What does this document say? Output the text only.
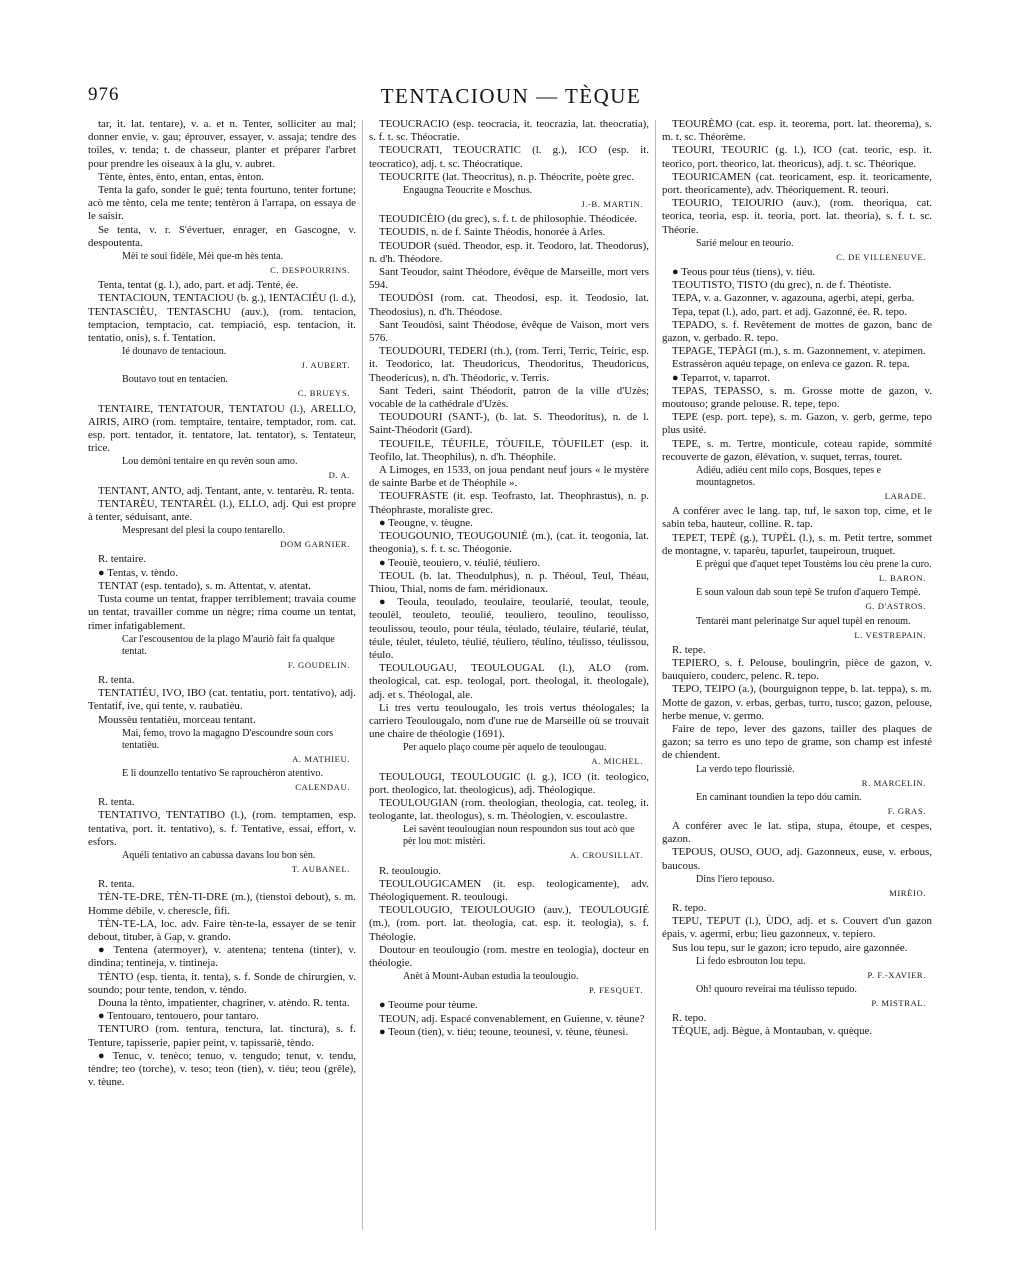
976	TENTACIOUN — TÈQUE

tar, it. lat. tentare), v. a. et n. Tenter, solliciter au mal; donner envie, v. gau; éprouver, essayer, v. assaja; tendre des toiles, v. tenda; t. de chasseur, planter et préparer l'arbret pour prendre les oiseaux à la glu, v. aubret.

Tènte, èntes, ènto, entan, entas, ènton.

Tenta la gafo, sonder le gué; tenta fourtuno, tenter fortune; acò me tènto, cela me tente; tentèron à l'arrapa, on essaya de le saisir.

Se tenta, v. r. S'évertuer, enrager, en Gascogne, v. despoutenta.

Mèi te soui fidèle, Mèi que-m hès tenta.
C. DESPOURRINS.

Tenta, tentat (g. l.), ado, part. et adj. Tenté, ée.

TENTACIOUN, TENTACIOU (b. g.), IENTACIÉU (l. d.), TENTASCIÈU, TENTASCHU (auv.), (rom. tentacion, temptacion, temptacio, cat. tempiació, esp. tentacion, it. tentatio, onis), s. f. Tentation.

Ié dounavo de tentacioun.
J. AUBERT.
Boutavo tout en tentacien.
C. BRUEYS.

TENTAIRE, TENTATOUR, TENTATOU (l.), ARELLO, AIRIS, AIRO (rom. temptaire, tentaire, temptador, rom. cat. esp. port. tentador, it. tentatore, lat. tentator), s. Tentateur, trice.

Lou demòni tentaire en qu revèn soun amo.
D. A.

TENTANT, ANTO, adj. Tentant, ante, v. tentarèu. R. tenta.

TENTARÈU, TENTARÈL (l.), ELLO, adj. Qui est propre à tenter, séduisant, ante.

Mespresant del plesi la coupo tentarello.
DOM GARNIER.

R. tentaire.

● Tentas, v. tèndo.

TENTAT (esp. tentado), s. m. Attentat, v. atentat.

Tusta coume un tentat, frapper terriblement; travaia coume un tentat, travailler comme un nègre; rima coume un tentat, rimer infatigablement.

Car l'escousentou de la plago M'auriò fait fa qualque tentat.
F. GOUDELIN.

R. tenta.

TENTATIÉU, IVO, IBO (cat. tentatiu, port. tentativo), adj. Tentatif, ive, qui tente, v. raubatièu.

Moussèu tentatièu, morceau tentant.

Mai, femo, trovo la magagno D'escoundre soun cors tentatièu.
A. MATHIEU.
E li dounzello tentativo Se raprouchèron atentivo.
CALENDAU.

R. tenta.

TENTATIVO, TENTATIBO (l.), (rom. temptamen, esp. tentativa, port. it. tentativo), s. f. Tentative, essai, effort, v. esfors.

Aquéli tentativo an cabussa davans lou bon sèn.
T. AUBANEL.

R. tenta.

TÈN-TE-DRE, TÈN-TI-DRE (m.), (tienstoi debout), s. m. Homme débile, v. cherescle, fifi.

TÈN-TE-LA, loc. adv. Faire tèn-te-la, essayer de se tenir debout, tituber, à Gap, v. grando.

● Tentena (atermoyer), v. atentena; tentena (tinter), v. dindina; tentineja, v. tintineja.

TÈNTO (esp. tienta, it. tenta), s. f. Sonde de chirurgien, v. soundo; pour tente, tendon, v. tèndo.

Douna la tènto, impatienter, chagriner, v. atèndo. R. tenta.

● Tentouaro, tentouero, pour tantaro.

TENTURO (rom. tentura, tenctura, lat. tinctura), s. f. Tenture, tapisserie, papier peint, v. tapissariè, tèndo.

● Tenuc, v. tenèco; tenuo, v. tengudo; tenut, v. tendu, tèndre; teo (torche), v. teso; teon (tien), v. tiéu; teou (grêle), v. tèune.

TEOUCRACIO (esp. teocracia, it. teocrazia, lat. theocratia), s. f. t. sc. Théocratie.

TEOUCRATI, TEOUCRATIC (l. g.), ICO (esp. it. teocratico), adj. t. sc. Théocratique.

TEOUCRITE (lat. Theocritus), n. p. Théocrite, poète grec.

Engaugna Teoucrite e Moschus.
J.-B. MARTIN.

TEOUDICÈIO (du grec), s. f. t. de philosophie. Théodicée.

TEOUDIS, n. de f. Sainte Théodis, honorée à Arles.

TEOUDOR (suéd. Theodor, esp. it. Teodoro, lat. Theodorus), n. d'h. Théodore.

Sant Teoudor, saint Théodore, évêque de Marseille, mort vers 594.

TEOUDÒSI (rom. cat. Theodosi, esp. it. Teodosio, lat. Theodosius), n. d'h. Théodose.

Sant Teoudòsi, saint Théodose, évêque de Vaison, mort vers 576.

TEOUDOURI, TEDERI (rh.), (rom. Terri, Terric, Teiric, esp. it. Teodorico, lat. Theudoricus, Theodoritus, Theudoricus, Theoderícus), n. d'h. Théodoric, v. Terris.

Sant Tederi, saint Théodorit, patron de la ville d'Uzès; vocable de la cathédrale d'Uzès.

TEOUDOURI (SANT-), (b. lat. S. Theodoritus), n. de l. Saint-Théodorit (Gard).

TEOUFILE, TÉUFILE, TÒUFILE, TÒUFILET (esp. it. Teofilo, lat. Theophilus), n. d'h. Théophile.

A Limoges, en 1533, on joua pendant neuf jours « le mystère de sainte Barbe et de Théophile ».

TEOUFRASTE (it. esp. Teofrasto, lat. Theophrastus), n. p. Théophraste, moraliste grec.

● Teougne, v. tèugne.

TEOUGOUNIO, TEOUGOUNIÉ (m.), (cat. it. teogonia, lat. theogonia), s. f. t. sc. Théogonie.

● Teouiè, teouiero, v. téulié, téuliero.

TEOUL (b. lat. Theodulphus), n. p. Théoul, Teul, Théau, Thiou, Thial, noms de fam. méridionaux.

● Teoula, teoulado, teoulaire, teoularié, teoulat, teoule, teoulèl, teouleto, teoulié, teouliero, teoulino, teoulisso, teoulissou, teoulo, pour téula, téulado, téulaire, téularié, téulat, téule, téulet, téuleto, téulié, téuliero, téulino, téulisso, téulissou, téulo.

TEOULOUGAU, TEOULOUGAL (l.), ALO (rom. theological, cat. esp. teologal, port. theologal, it. theologale), adj. et s. Théologal, ale.

Li tres vertu teoulougalo, les trois vertus théologales; la carriero Teoulougalo, nom d'une rue de Marseille où se trouvait une chaire de théologie (1691).

Per aquelo plaço coume pèr aquelo de teoulougau.
A. MICHEL.

TEOULOUGI, TEOULOUGIC (l. g.), ICO (it. teologico, port. theologico, lat. theologicus), adj. Théologique.

TEOULOUGIAN (rom. theologian, theologia, cat. teoleg, it. teologante, lat. theologus), s. m. Théologien, v. escoulastre.

Lei savènt teoulougian noun respoundon sus tout acò que pèr lou mot: mistèri.
A. CROUSILLAT.

R. teoulougio.

TEOULOUGICAMEN (it. esp. teologicamente), adv. Théologiquement. R. teoulougi.

TEOULOUGIO, TEIOULOUGIO (auv.), TEOULOUGIÉ (m.), (rom. port. lat. theologia, cat. esp. it. teologia), s. f. Théologie.

Doutour en teoulougio (rom. mestre en teologia), docteur en théologie.

Anèt à Mount-Auban estudia la teoulougio.
P. FESQUET.

● Teoume pour tèume.

TEOUN, adj. Espacé convenablement, en Guienne, v. tèune?

● Teoun (tien), v. tiéu; teoune, teounesi, v. tèune, tèunesi.

TEOURÈMO (cat. esp. it. teorema, port. lat. theorema), s. m. t. sc. Théorème.

TEOURI, TEOURIC (g. l.), ICO (cat. teoric, esp. it. teorico, port. theorico, lat. theoricus), adj. t. sc. Théorique.

TEOURICAMEN (cat. teoricament, esp. it. teoricamente, port. theoricamente), adv. Théoriquement. R. teouri.

TEOURIO, TEIOURIO (auv.), (rom. theoriqua, cat. teorica, teoria, esp. it. teoria, port. lat. theoria), s. f. t. sc. Théorie.

Sarié melour en teourio.
C. DE VILLENEUVE.

● Teous pour téus (tiens), v. tiéu.

TEOUTISTO, TISTO (du grec), n. de f. Théotiste.

TEPA, v. a. Gazonner, v. agazouna, agerbi, atepi, gerba.

Tepa, tepat (l.), ado, part. et adj. Gazonné, ée. R. tepo.

TEPADO, s. f. Revêtement de mottes de gazon, banc de gazon, v. gerbado. R. tepo.

TEPAGE, TEPÀGI (m.), s. m. Gazonnement, v. atepimen.

Estrassèron aquéu tepage, on enleva ce gazon. R. tepa.

● Teparrot, v. taparrot.

TEPAS, TEPASSO, s. m. Grosse motte de gazon, v. moutouso; grande pelouse. R. tepe, tepo.

TEPE (esp. port. tepe), s. m. Gazon, v. gerb, germe, tepo plus usité.

TEPE, s. m. Tertre, monticule, coteau rapide, sommité recouverte de gazon, élévation, v. suquet, terras, touret.

Adiéu, adiéu cent milo cops, Bosques, tepes e mountagnetos.
LARADE.

A conférer avec le lang. tap, tuf, le saxon top, cime, et le sabin teba, hauteur, colline. R. tap.

TEPET, TEPÈ (g.), TUPÈL (l.), s. m. Petit tertre, sommet de montagne, v. taparèu, tapurlet, taupeiroun, truquet.

E prègui que d'aquet tepet Toustèms lou cèu prene la curo.
L. BARON.
E soun valoun dab soun tepè Se trufon d'aquero Tempè.
G. D'ASTROS.
Tentarèi mant pelerinatge Sur aquel tupèl en renoum.
L. VESTREPAIN.

R. tepe.

TEPIERO, s. f. Pelouse, boulingrin, pièce de gazon, v. bauquiero, couderc, pelenc. R. tepo.

TEPO, TEIPO (a.), (bourguignon teppe, b. lat. teppa), s. m. Motte de gazon, v. erbas, gerbas, turro, tusco; gazon, pelouse, herbe menue, v. germo.

Faire de tepo, lever des gazons, tailler des plaques de gazon; sa terro es uno tepo de grame, son champ est infesté de chiendent.

La verdo tepo flourissiè.
R. MARCELIN.
En caminant toundien la tepo dóu camin.
F. GRAS.

A conférer avec le lat. stipa, stupa, étoupe, et cespes, gazon.

TEPOUS, OUSO, OUO, adj. Gazonneux, euse, v. erbous, baucous.

Dins l'iero tepouso.
MIRÈIO.

R. tepo.

TEPU, TEPUT (l.), ÙDO, adj. et s. Couvert d'un gazon épais, v. agermi, erbu; lieu gazonneux, v. tepiero.

Sus lou tepu, sur le gazon; icro tepudo, aire gazonnée.

Li fedo esbrouton lou tepu.
P. F.-XAVIER.
Oh! quouro reveirai ma téulisso tepudo.
P. MISTRAL.

R. tepo.

TÈQUE, adj. Bègue, à Montauban, v. quèque.
